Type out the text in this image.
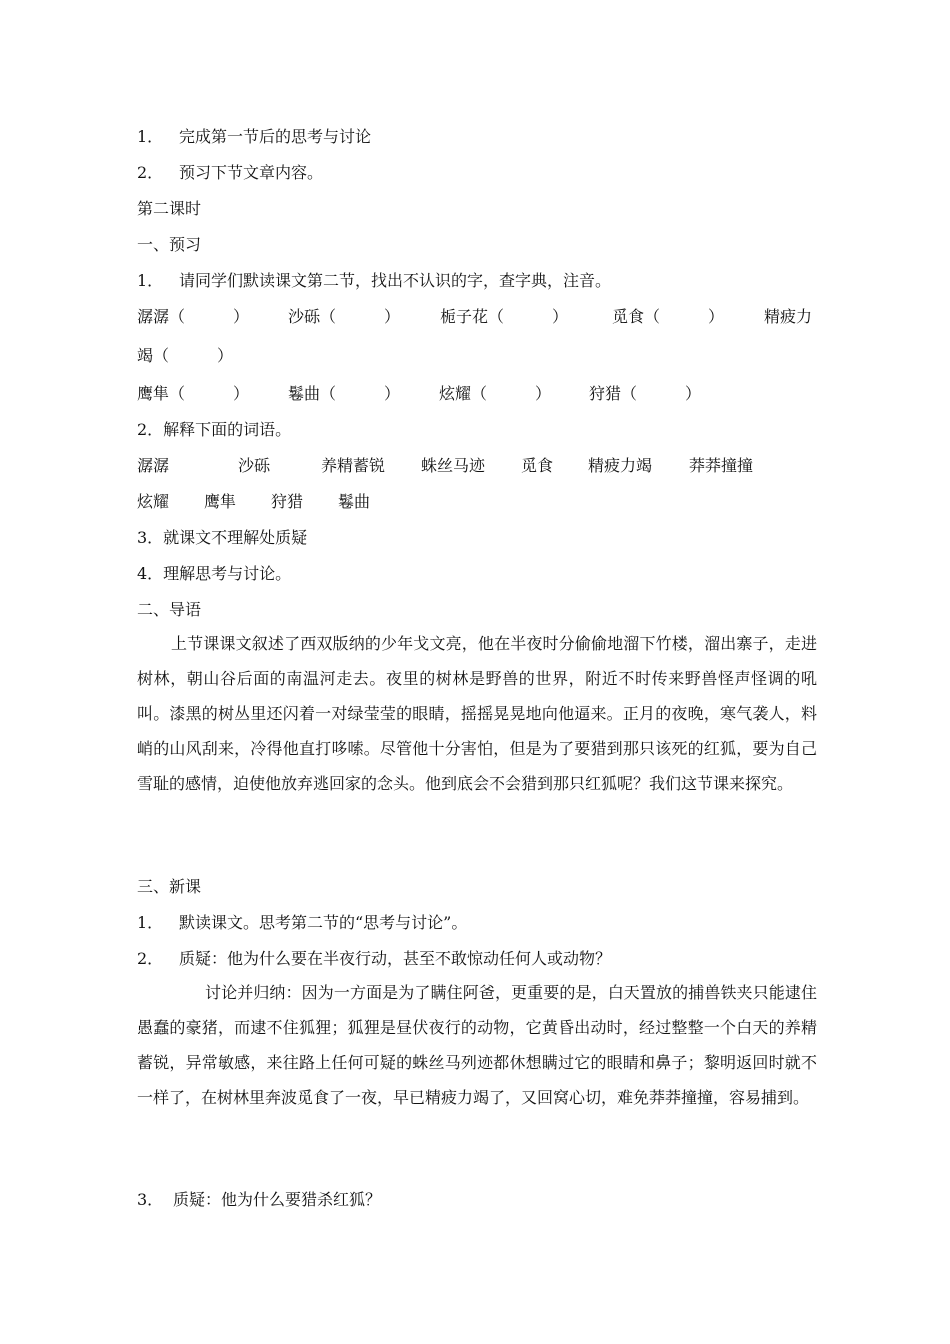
1． 完成第一节后的思考与讨论
2． 预习下节文章内容。
第二课时
一、预习
1． 请同学们默读课文第二节，找出不认识的字，查字典，注音。
潺潺（　　　） 沙砾（　　　） 栀子花（　　　）	觅食（　　　） 精疲力
竭（　　　）
鹰隼（　　　） 鬈曲（　　　） 炫耀（　　　） 狩猎（　　　）
2．解释下面的词语。
潺潺	沙砾	养精蓄锐 蛛丝马迹 觅食 精疲力竭 莽莽撞撞
炫耀 鹰隼 狩猎 鬈曲
3．就课文不理解处质疑
4．理解思考与讨论。
二、导语
上节课课文叙述了西双版纳的少年戈文亮，他在半夜时分偷偷地溜下竹楼，溜出寨子，走进树林，朝山谷后面的南温河走去。夜里的树林是野兽的世界，附近不时传来野兽怪声怪调的吼叫。漆黑的树丛里还闪着一对绿莹莹的眼睛，摇摇晃晃地向他逼来。正月的夜晚，寒气袭人，料峭的山风刮来，冷得他直打哆嗦。尽管他十分害怕，但是为了要猎到那只该死的红狐，要为自己雪耻的感情，迫使他放弃逃回家的念头。他到底会不会猎到那只红狐呢？我们这节课来探究。
三、新课
1． 默读课文。思考第二节的“思考与讨论”。
2． 质疑：他为什么要在半夜行动，甚至不敢惊动任何人或动物？
讨论并归纳：因为一方面是为了瞒住阿爸，更重要的是，白天置放的捕兽铁夹只能逮住愚蠢的豪猪，而逮不住狐狸；狐狸是昼伏夜行的动物，它黄昏出动时，经过整整一个白天的养精蓄锐，异常敏感，来往路上任何可疑的蛛丝马列迹都休想瞒过它的眼睛和鼻子；黎明返回时就不一样了，在树林里奔波觅食了一夜，早已精疲力竭了，又回窝心切，难免莽莽撞撞，容易捕到。
3． 质疑：他为什么要猎杀红狐？
